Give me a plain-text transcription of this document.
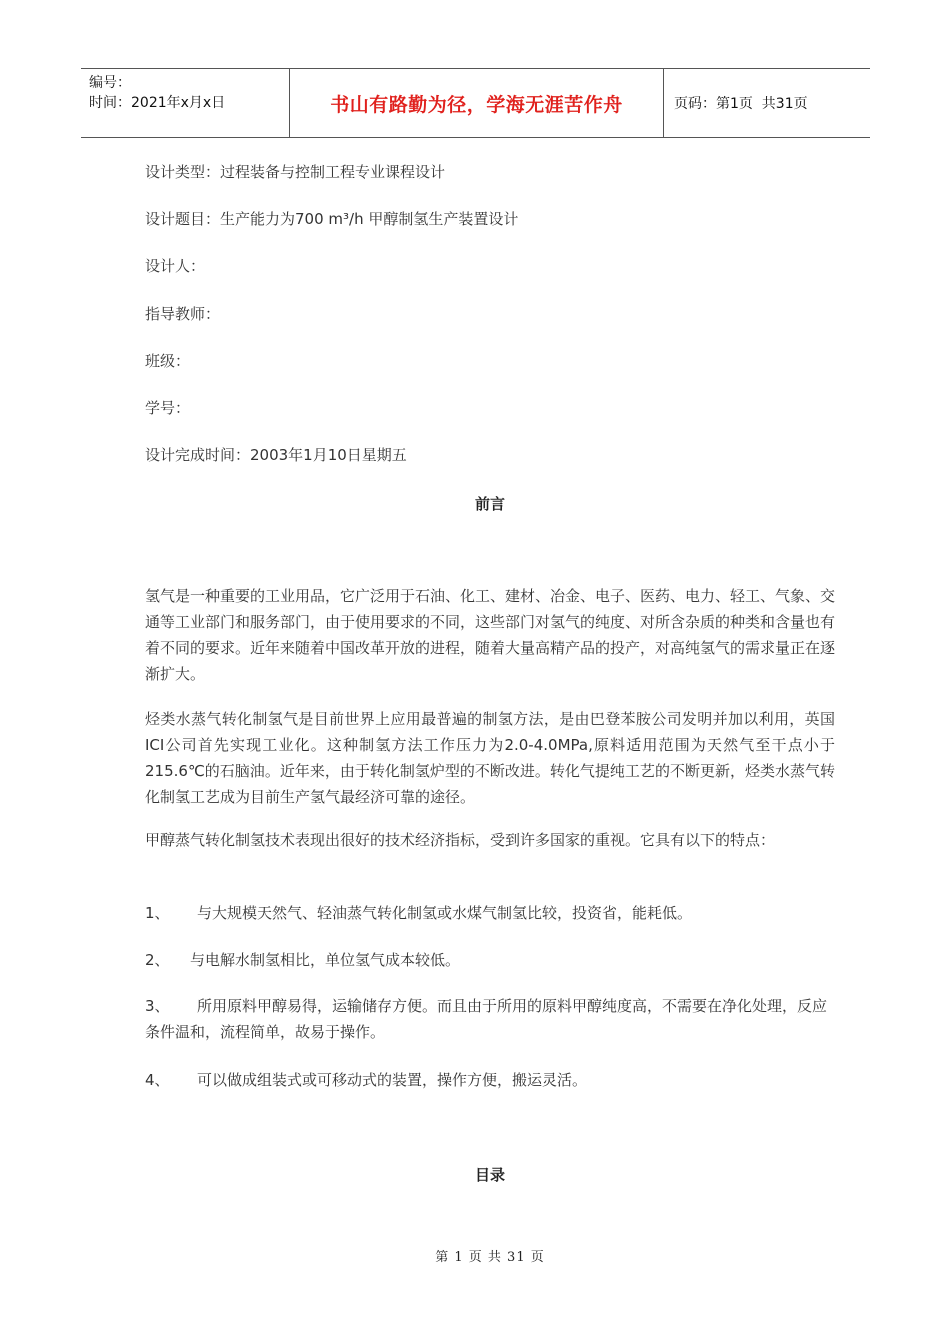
编号：
时间：2021年x月x日	书山有路勤为径，学海无涯苦作舟	页码：第1页  共31页
设计类型：过程装备与控制工程专业课程设计
设计题目：生产能力为700 m³/h 甲醇制氢生产装置设计
设计人：
指导教师：
班级：
学号：
设计完成时间：2003年1月10日星期五
前言
氢气是一种重要的工业用品，它广泛用于石油、化工、建材、冶金、电子、医药、电力、轻工、气象、交通等工业部门和服务部门，由于使用要求的不同，这些部门对氢气的纯度、对所含杂质的种类和含量也有着不同的要求。近年来随着中国改革开放的进程，随着大量高精产品的投产，对高纯氢气的需求量正在逐渐扩大。
烃类水蒸气转化制氢气是目前世界上应用最普遍的制氢方法，是由巴登苯胺公司发明并加以利用，英国ICI公司首先实现工业化。这种制氢方法工作压力为2.0-4.0MPa,原料适用范围为天然气至干点小于215.6℃的石脑油。近年来，由于转化制氢炉型的不断改进。转化气提纯工艺的不断更新，烃类水蒸气转化制氢工艺成为目前生产氢气最经济可靠的途径。
甲醇蒸气转化制氢技术表现出很好的技术经济指标，受到许多国家的重视。它具有以下的特点：
1、 与大规模天然气、轻油蒸气转化制氢或水煤气制氢比较，投资省，能耗低。
2、 与电解水制氢相比，单位氢气成本较低。
3、 所用原料甲醇易得，运输储存方便。而且由于所用的原料甲醇纯度高，不需要在净化处理，反应条件温和，流程简单，故易于操作。
4、 可以做成组装式或可移动式的装置，操作方便，搬运灵活。
目录
第 1 页 共 31 页
